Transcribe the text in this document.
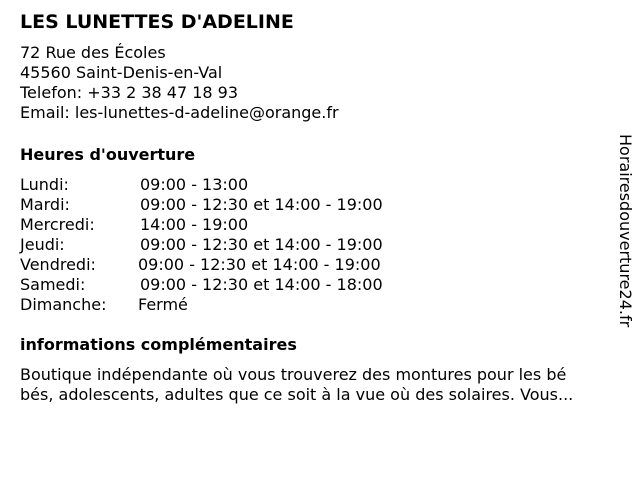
LES LUNETTES D'ADELINE
72 Rue des Écoles
45560 Saint-Denis-en-Val
Telefon: +33 2 38 47 18 93
Email: les-lunettes-d-adeline@orange.fr
Heures d'ouverture
Lundi:	09:00 - 13:00
Mardi:	09:00 - 12:30 et 14:00 - 19:00
Mercredi:	14:00 - 19:00
Jeudi:	09:00 - 12:30 et 14:00 - 19:00
Vendredi:	09:00 - 12:30 et 14:00 - 19:00
Samedi:	09:00 - 12:30 et 14:00 - 18:00
Dimanche: Fermé
informations complémentaires
Boutique indépendante où vous trouverez des montures pour les bé
bés, adolescents, adultes que ce soit à la vue où des solaires. Vous...
Horairesdouverture24.fr
